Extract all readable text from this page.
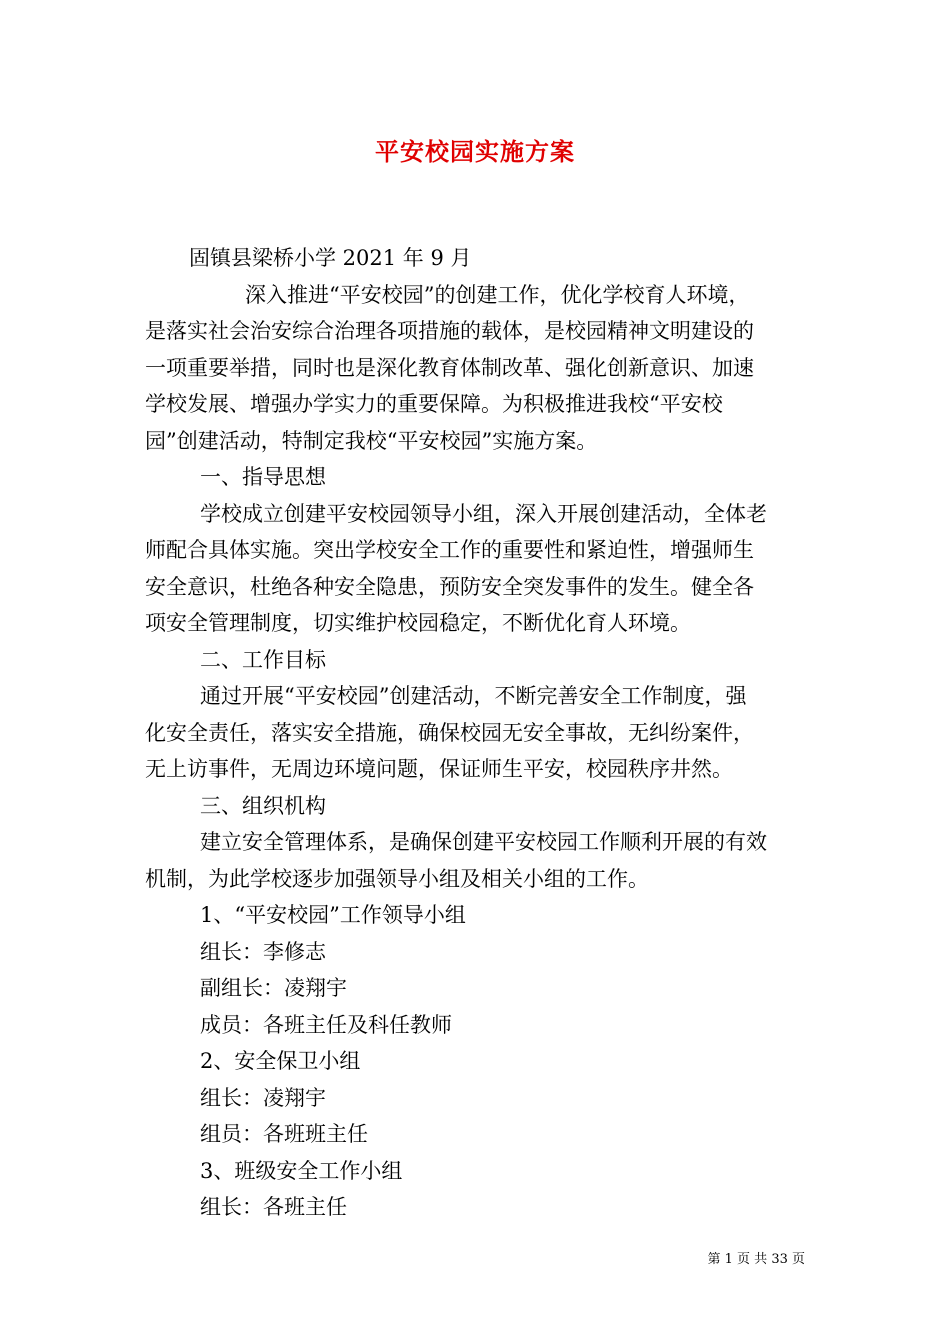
平安校园实施方案
固镇县梁桥小学 2021 年 9 月
深入推进“平安校园”的创建工作，优化学校育人环境，
是落实社会治安综合治理各项措施的载体，是校园精神文明建设的
一项重要举措，同时也是深化教育体制改革、强化创新意识、加速
学校发展、增强办学实力的重要保障。为积极推进我校“平安校
园”创建活动，特制定我校“平安校园”实施方案。
一、指导思想
学校成立创建平安校园领导小组，深入开展创建活动，全体老
师配合具体实施。突出学校安全工作的重要性和紧迫性，增强师生
安全意识，杜绝各种安全隐患，预防安全突发事件的发生。健全各
项安全管理制度，切实维护校园稳定，不断优化育人环境。
二、工作目标
通过开展“平安校园”创建活动，不断完善安全工作制度，强
化安全责任，落实安全措施，确保校园无安全事故，无纠纷案件，
无上访事件，无周边环境问题，保证师生平安，校园秩序井然。
三、组织机构
建立安全管理体系，是确保创建平安校园工作顺利开展的有效
机制，为此学校逐步加强领导小组及相关小组的工作。
1、“平安校园”工作领导小组
组长：李修志
副组长：凌翔宇
成员：各班主任及科任教师
2、安全保卫小组
组长：凌翔宇
组员：各班班主任
3、班级安全工作小组
组长：各班主任
第 1 页 共 33 页
